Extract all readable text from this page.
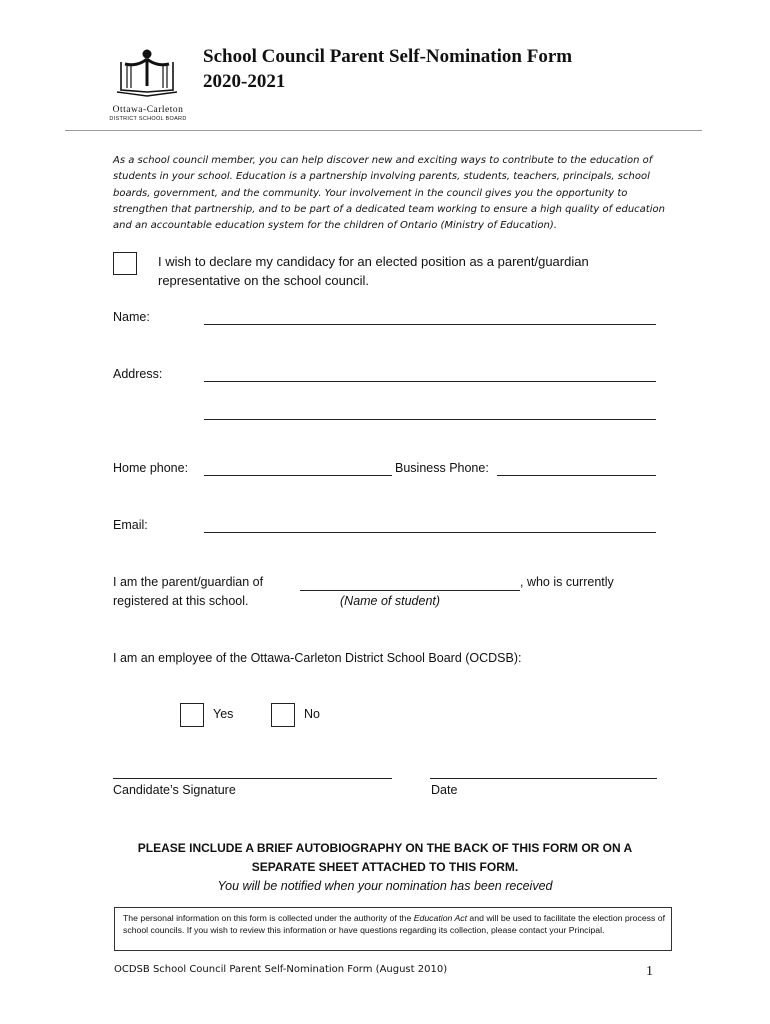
Ottawa-Carleton
DISTRICT SCHOOL BOARD
School Council Parent Self-Nomination Form
2020-2021
As a school council member, you can help discover new and exciting ways to contribute to the education of students in your school. Education is a partnership involving parents, students, teachers, principals, school boards, government, and the community. Your involvement in the council gives you the opportunity to strengthen that partnership, and to be part of a dedicated team working to ensure a high quality of education and an accountable education system for the children of Ontario (Ministry of Education).
I wish to declare my candidacy for an elected position as a parent/guardian
representative on the school council.
Name:
Address:
Home phone:	Business Phone:
Email:
I am the parent/guardian of	, who is currently
registered at this school.	(Name of student)
I am an employee of the Ottawa-Carleton District School Board (OCDSB):
Yes	No
Candidate’s Signature	Date
PLEASE INCLUDE A BRIEF AUTOBIOGRAPHY ON THE BACK OF THIS FORM OR ON A
SEPARATE SHEET ATTACHED TO THIS FORM.
You will be notified when your nomination has been received
The personal information on this form is collected under the authority of the Education Act and will be used to facilitate the election process of school councils. If you wish to review this information or have questions regarding its collection, please contact your Principal.
OCDSB School Council Parent Self-Nomination Form (August 2010)	1
